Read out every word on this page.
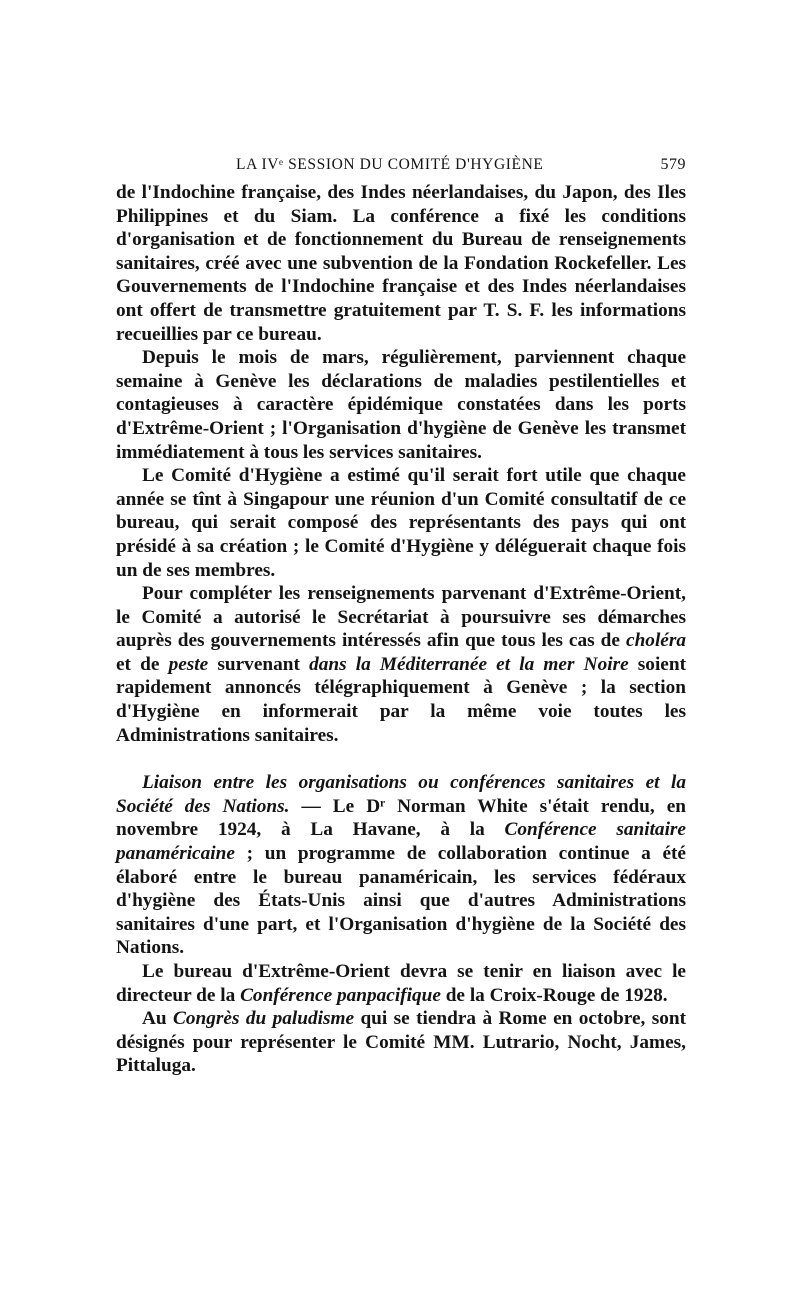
LA IVᵉ SESSION DU COMITÉ D'HYGIÈNE	579

de l'Indochine française, des Indes néerlandaises, du Japon, des Iles Philippines et du Siam. La conférence a fixé les conditions d'organisation et de fonctionnement du Bureau de renseignements sanitaires, créé avec une subvention de la Fondation Rockefeller. Les Gouvernements de l'Indochine française et des Indes néerlandaises ont offert de transmettre gratuitement par T. S. F. les informations recueillies par ce bureau.

Depuis le mois de mars, régulièrement, parviennent chaque semaine à Genève les déclarations de maladies pestilentielles et contagieuses à caractère épidémique constatées dans les ports d'Extrême-Orient ; l'Organisation d'hygiène de Genève les transmet immédiatement à tous les services sanitaires.

Le Comité d'Hygiène a estimé qu'il serait fort utile que chaque année se tînt à Singapour une réunion d'un Comité consultatif de ce bureau, qui serait composé des représentants des pays qui ont présidé à sa création ; le Comité d'Hygiène y déléguerait chaque fois un de ses membres.

Pour compléter les renseignements parvenant d'Extrême-Orient, le Comité a autorisé le Secrétariat à poursuivre ses démarches auprès des gouvernements intéressés afin que tous les cas de choléra et de peste survenant dans la Méditerranée et la mer Noire soient rapidement annoncés télégraphiquement à Genève ; la section d'Hygiène en informerait par la même voie toutes les Administrations sanitaires.

Liaison entre les organisations ou conférences sanitaires et la Société des Nations. — Le Dʳ Norman White s'était rendu, en novembre 1924, à La Havane, à la Conférence sanitaire panaméricaine ; un programme de collaboration continue a été élaboré entre le bureau panaméricain, les services fédéraux d'hygiène des États-Unis ainsi que d'autres Administrations sanitaires d'une part, et l'Organisation d'hygiène de la Société des Nations.

Le bureau d'Extrême-Orient devra se tenir en liaison avec le directeur de la Conférence panpacifique de la Croix-Rouge de 1928.

Au Congrès du paludisme qui se tiendra à Rome en octobre, sont désignés pour représenter le Comité MM. Lutrario, Nocht, James, Pittaluga.
